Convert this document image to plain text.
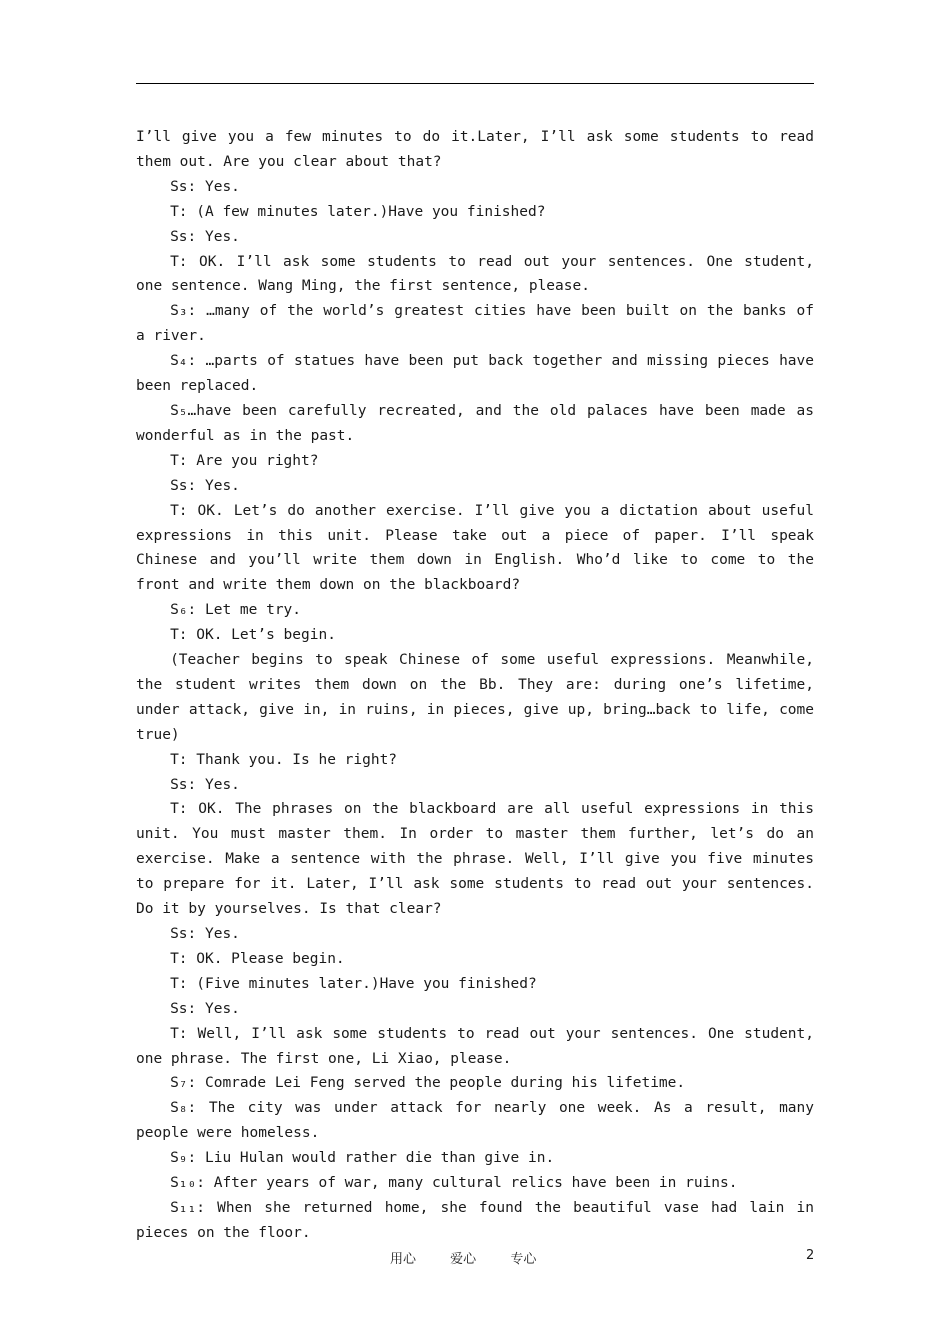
I’ll give you a few minutes to do it.Later, I’ll ask some students to read them out. Are you clear about that?

Ss: Yes.

T: (A few minutes later.)Have you finished?

Ss: Yes.

T: OK. I’ll ask some students to read out your sentences. One student, one sentence. Wang Ming, the first sentence, please.

S₃: …many of the world’s greatest cities have been built on the banks of a river.

S₄: …parts of statues have been put back together and missing pieces have been replaced.

S₅…have been carefully recreated, and the old palaces have been made as wonderful as in the past.

T: Are you right?

Ss: Yes.

T: OK. Let’s do another exercise. I’ll give you a dictation about useful expressions in this unit. Please take out a piece of paper. I’ll speak Chinese and you’ll write them down in English. Who’d like to come to the front and write them down on the blackboard?

S₆: Let me try.

T: OK. Let’s begin.

(Teacher begins to speak Chinese of some useful expressions. Meanwhile, the student writes them down on the Bb. They are: during one’s lifetime, under attack, give in, in ruins, in pieces, give up, bring…back to life, come true)

T: Thank you. Is he right?

Ss: Yes.

T: OK. The phrases on the blackboard are all useful expressions in this unit. You must master them. In order to master them further, let’s do an exercise. Make a sentence with the phrase. Well, I’ll give you five minutes to prepare for it. Later, I’ll ask some students to read out your sentences. Do it by yourselves. Is that clear?

Ss: Yes.

T: OK. Please begin.

T: (Five minutes later.)Have you finished?

Ss: Yes.

T: Well, I’ll ask some students to read out your sentences. One student, one phrase. The first one, Li Xiao, please.

S₇: Comrade Lei Feng served the people during his lifetime.

S₈: The city was under attack for nearly one week. As a result, many people were homeless.

S₉: Liu Hulan would rather die than give in.

S₁₀: After years of war, many cultural relics have been in ruins.

S₁₁: When she returned home, she found the beautiful vase had lain in pieces on the floor.

用心	爱心	专心	2
